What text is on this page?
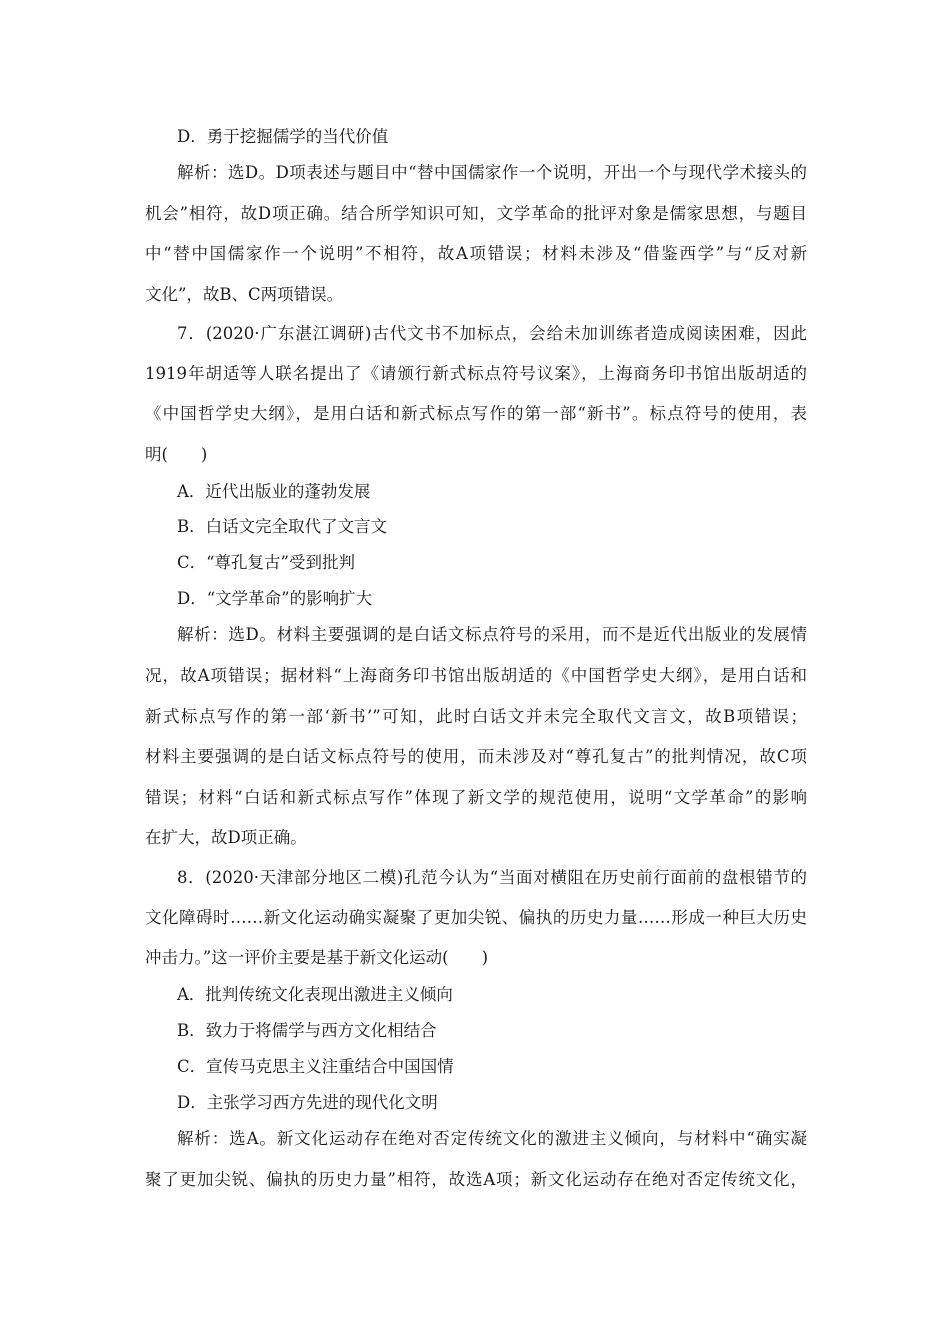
D．勇于挖掘儒学的当代价值
解析：选D。D项表述与题目中“替中国儒家作一个说明，开出一个与现代学术接头的
机会”相符，故D项正确。结合所学知识可知，文学革命的批评对象是儒家思想，与题目
中“替中国儒家作一个说明”不相符，故A项错误；材料未涉及“借鉴西学”与“反对新
文化”，故B、C两项错误。
7．(2020·广东湛江调研)古代文书不加标点，会给未加训练者造成阅读困难，因此
1919年胡适等人联名提出了《请颁行新式标点符号议案》，上海商务印书馆出版胡适的
《中国哲学史大纲》，是用白话和新式标点写作的第一部“新书”。标点符号的使用，表
明(　　)
A．近代出版业的蓬勃发展
B．白话文完全取代了文言文
C．“尊孔复古”受到批判
D．“文学革命”的影响扩大
解析：选D。材料主要强调的是白话文标点符号的采用，而不是近代出版业的发展情
况，故A项错误；据材料“上海商务印书馆出版胡适的《中国哲学史大纲》，是用白话和
新式标点写作的第一部‘新书’”可知，此时白话文并未完全取代文言文，故B项错误；
材料主要强调的是白话文标点符号的使用，而未涉及对“尊孔复古”的批判情况，故C项
错误；材料“白话和新式标点写作”体现了新文学的规范使用，说明“文学革命”的影响
在扩大，故D项正确。
8．(2020·天津部分地区二模)孔范今认为“当面对横阻在历史前行面前的盘根错节的
文化障碍时……新文化运动确实凝聚了更加尖锐、偏执的历史力量……形成一种巨大历史
冲击力。”这一评价主要是基于新文化运动(　　)
A．批判传统文化表现出激进主义倾向
B．致力于将儒学与西方文化相结合
C．宣传马克思主义注重结合中国国情
D．主张学习西方先进的现代化文明
解析：选A。新文化运动存在绝对否定传统文化的激进主义倾向，与材料中“确实凝
聚了更加尖锐、偏执的历史力量”相符，故选A项；新文化运动存在绝对否定传统文化，
